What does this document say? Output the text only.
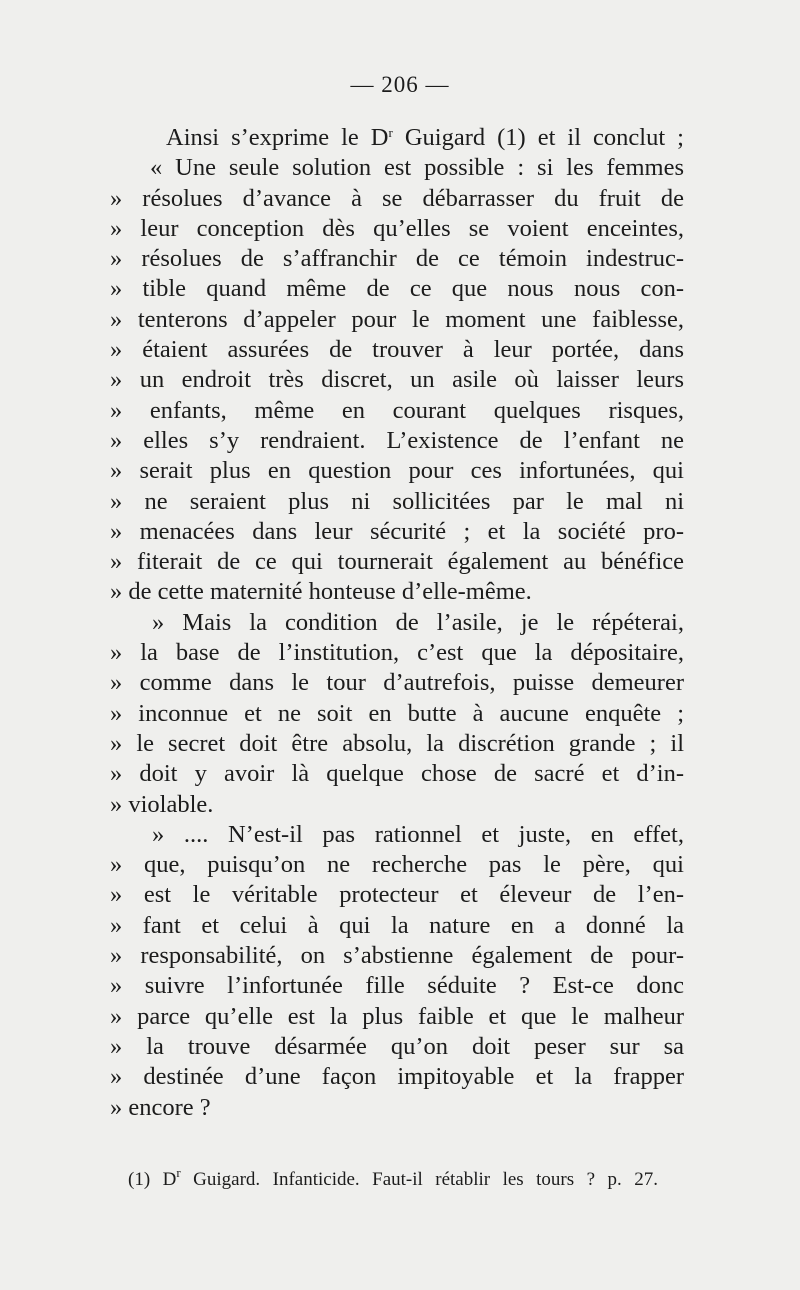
— 206 —
Ainsi s’exprime le $D^r$ Guigard (1) et il conclut ;
« Une seule solution est possible : si les femmes
» résolues d’avance à se débarrasser du fruit de
» leur conception dès qu’elles se voient enceintes,
» résolues de s’affranchir de ce témoin indestruc-
» tible quand même de ce que nous nous con-
» tenterons d’appeler pour le moment une faiblesse,
» étaient assurées de trouver à leur portée, dans
» un endroit très discret, un asile où laisser leurs
» enfants, même en courant quelques risques,
» elles s’y rendraient. L’existence de l’enfant ne
» serait plus en question pour ces infortunées, qui
» ne seraient plus ni sollicitées par le mal ni
» menacées dans leur sécurité ; et la société pro-
» fiterait de ce qui tournerait également au bénéfice
» de cette maternité honteuse d’elle-même.
» Mais la condition de l’asile, je le répéterai,
» la base de l’institution, c’est que la dépositaire,
» comme dans le tour d’autrefois, puisse demeurer
» inconnue et ne soit en butte à aucune enquête ;
» le secret doit être absolu, la discrétion grande ; il
» doit y avoir là quelque chose de sacré et d’in-
» violable.
» .... N’est-il pas rationnel et juste, en effet,
» que, puisqu’on ne recherche pas le père, qui
» est le véritable protecteur et éleveur de l’en-
» fant et celui à qui la nature en a donné la
» responsabilité, on s’abstienne également de pour-
» suivre l’infortunée fille séduite ? Est-ce donc
» parce qu’elle est la plus faible et que le malheur
» la trouve désarmée qu’on doit peser sur sa
» destinée d’une façon impitoyable et la frapper
» encore ?
(1) $D^r$ Guigard. Infanticide. Faut-il rétablir les tours ? p. 27.
